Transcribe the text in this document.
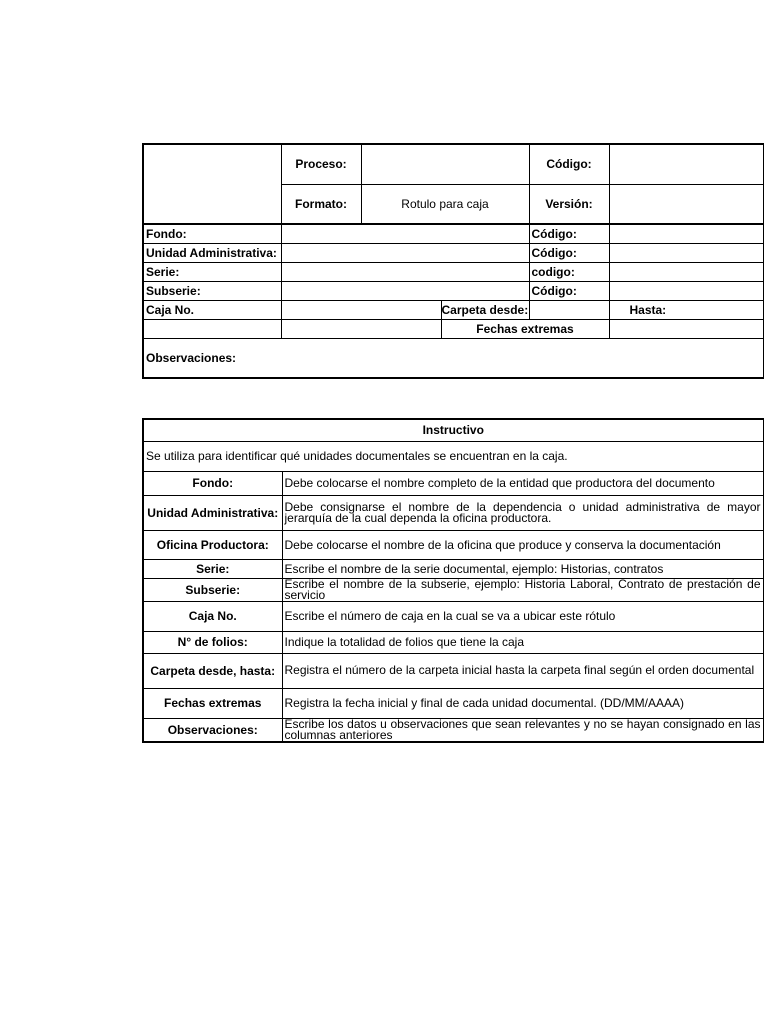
	Proceso:			Código:	
	Formato:	Rotulo para caja		Versión:	
Fondo:				Código:	
Unidad Administrativa:				Código:	
Serie:				codigo:	
Subserie:				Código:	
Caja No.			Carpeta desde:		Hasta:
			Fechas extremas		
Observaciones:					
Instructivo	
Se utiliza para identificar qué unidades documentales se encuentran en la caja.	
Fondo:	Debe colocarse el nombre completo de la entidad que productora del documento
Unidad Administrativa:	Debe consignarse el nombre de la dependencia o unidad administrativa de mayor jerarquía de la cual dependa la oficina productora.
Oficina Productora:	Debe colocarse el nombre de la oficina que produce y conserva la documentación
Serie:	Escribe el nombre de la serie documental, ejemplo: Historias, contratos
Subserie:	Escribe el nombre de la subserie, ejemplo: Historia Laboral, Contrato de prestación de servicio
Caja No.	Escribe el número de caja en la cual se va a ubicar este rótulo
N° de folios:	Indique la totalidad de folios que tiene la caja
Carpeta desde, hasta:	Registra el número de la carpeta inicial hasta la carpeta final según el orden documental
Fechas extremas	Registra la fecha inicial y final de cada unidad documental. (DD/MM/AAAA)
Observaciones:	Escribe los datos u observaciones que sean relevantes y no se hayan consignado en las columnas anteriores
